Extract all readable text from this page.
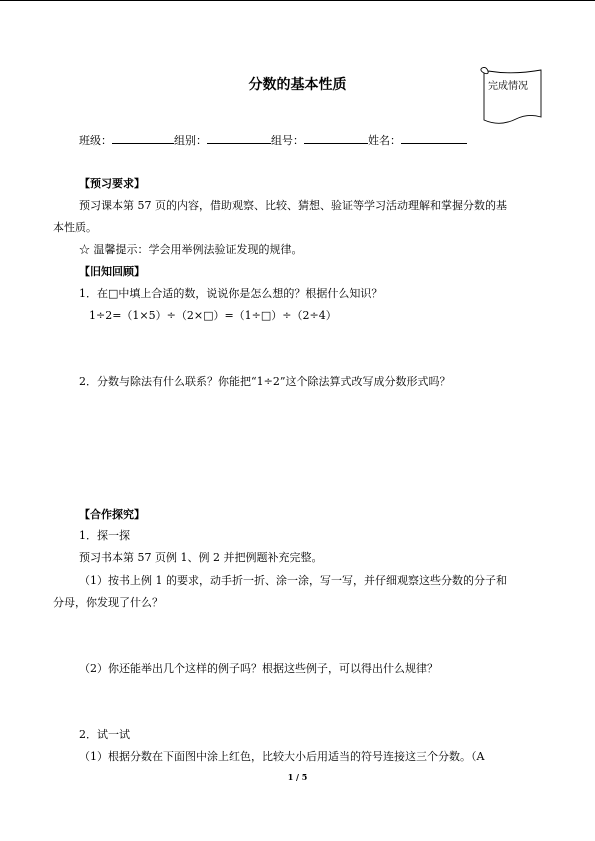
分数的基本性质	完成情况
班级：	组别：	组号：	姓名：
【预习要求】
预习课本第 57 页的内容，借助观察、比较、猜想、验证等学习活动理解和掌握分数的基
本性质。
☆ 温馨提示：学会用举例法验证发现的规律。
【旧知回顾】
1．在□中填上合适的数，说说你是怎么想的？根据什么知识？
1÷2=（1×5）÷（2×□）=（1÷□）÷（2÷4）
2．分数与除法有什么联系？你能把“1÷2”这个除法算式改写成分数形式吗？
【合作探究】
1．探一探
预习书本第 57 页例 1、例 2 并把例题补充完整。
（1）按书上例 1 的要求，动手折一折、涂一涂，写一写，并仔细观察这些分数的分子和
分母，你发现了什么？
（2）你还能举出几个这样的例子吗？根据这些例子，可以得出什么规律？
2．试一试
（1）根据分数在下面图中涂上红色，比较大小后用适当的符号连接这三个分数。（A
1 / 5
